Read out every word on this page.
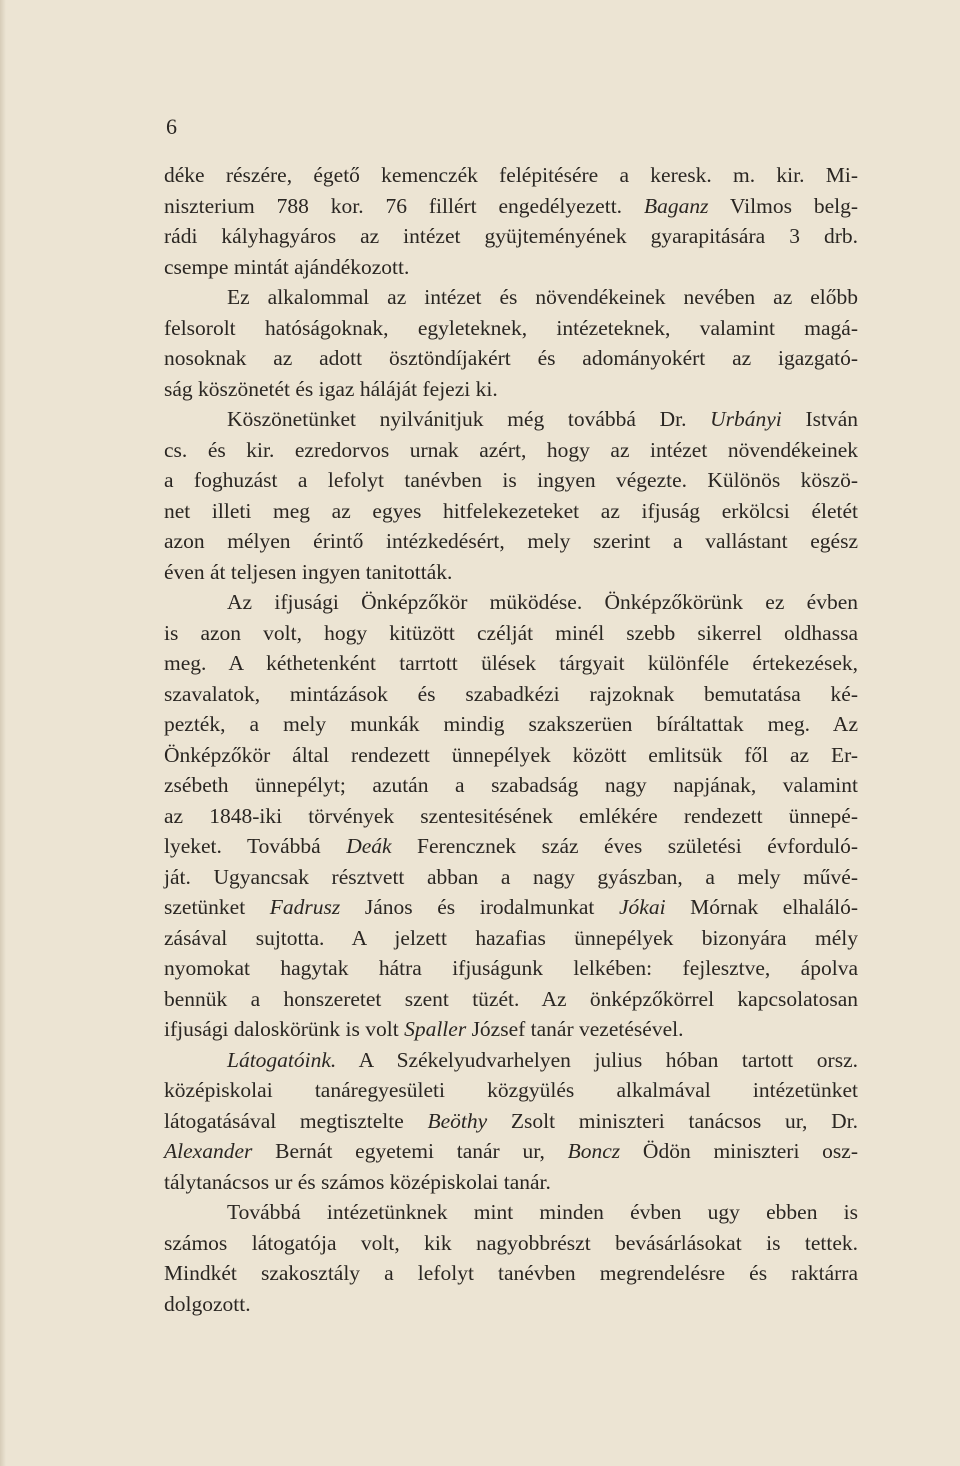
6
déke részére, égető kemenczék felépitésére a keresk. m. kir. Mi-
niszterium 788 kor. 76 fillért engedélyezett. Baganz Vilmos belg-
rádi kályhagyáros az intézet gyüjteményének gyarapitására 3 drb.
csempe mintát ajándékozott.
Ez alkalommal az intézet és növendékeinek nevében az előbb
felsorolt hatóságoknak, egyleteknek, intézeteknek, valamint magá-
nosoknak az adott ösztöndíjakért és adományokért az igazgató-
ság köszönetét és igaz háláját fejezi ki.
Köszönetünket nyilvánitjuk még továbbá Dr. Urbányi István
cs. és kir. ezredorvos urnak azért, hogy az intézet növendékeinek
a foghuzást a lefolyt tanévben is ingyen végezte. Különös köszö-
net illeti meg az egyes hitfelekezeteket az ifjuság erkölcsi életét
azon mélyen érintő intézkedésért, mely szerint a vallástant egész
éven át teljesen ingyen tanitották.
Az ifjusági Önképzőkör müködése. Önképzőkörünk ez évben
is azon volt, hogy kitüzött czélját minél szebb sikerrel oldhassa
meg. A kéthetenként tarrtott ülések tárgyait különféle értekezések,
szavalatok, mintázások és szabadkézi rajzoknak bemutatása ké-
pezték, a mely munkák mindig szakszerüen bíráltattak meg. Az
Önképzőkör által rendezett ünnepélyek között emlitsük fől az Er-
zsébeth ünnepélyt; azután a szabadság nagy napjának, valamint
az 1848-iki törvények szentesitésének emlékére rendezett ünnepé-
lyeket. Továbbá Deák Ferencznek száz éves születési évforduló-
ját. Ugyancsak résztvett abban a nagy gyászban, a mely művé-
szetünket Fadrusz János és irodalmunkat Jókai Mórnak elhaláló-
zásával sujtotta. A jelzett hazafias ünnepélyek bizonyára mély
nyomokat hagytak hátra ifjuságunk lelkében: fejlesztve, ápolva
bennük a honszeretet szent tüzét. Az önképzőkörrel kapcsolatosan
ifjusági daloskörünk is volt Spaller József tanár vezetésével.
Látogatóink. A Székelyudvarhelyen julius hóban tartott orsz.
középiskolai tanáregyesületi közgyülés alkalmával intézetünket
látogatásával megtisztelte Beöthy Zsolt miniszteri tanácsos ur, Dr.
Alexander Bernát egyetemi tanár ur, Boncz Ödön miniszteri osz-
tálytanácsos ur és számos középiskolai tanár.
Továbbá intézetünknek mint minden évben ugy ebben is
számos látogatója volt, kik nagyobbrészt bevásárlásokat is tettek.
Mindkét szakosztály a lefolyt tanévben megrendelésre és raktárra
dolgozott.
